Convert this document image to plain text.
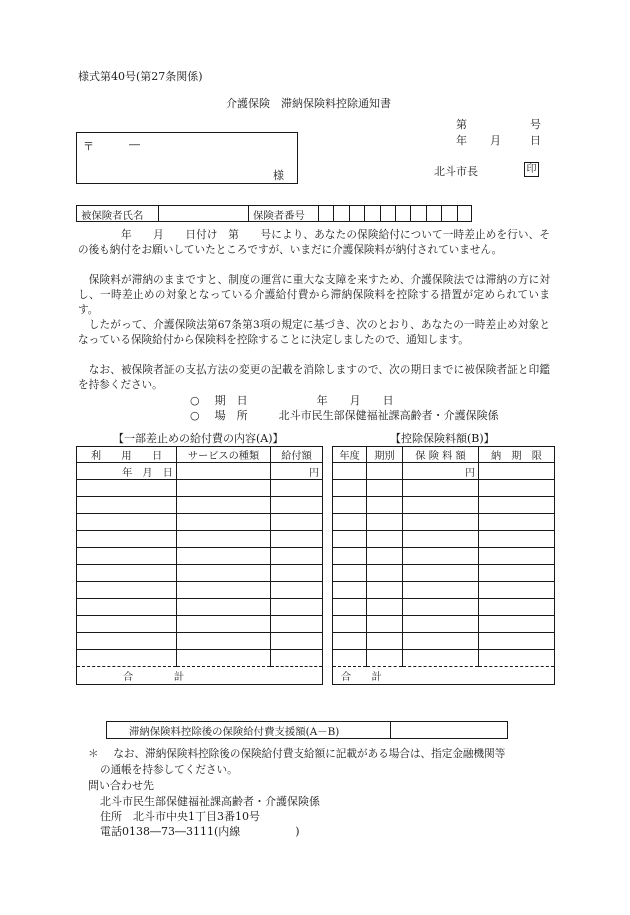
様式第40号(第27条関係)
介護保険　滞納保険料控除通知書
第	号
年 月	日
〒	―
様	北斗市長	印
被保険者氏名	保険者番号
　　　　年　　月　　日付け　第　　号により、あなたの保険給付について一時差止めを行い、その後も納付をお願いしていたところですが、いまだに介護保険料が納付されていません。
　保険料が滞納のままですと、制度の運営に重大な支障を来すため、介護保険法では滞納の方に対し、一時差止めの対象となっている介護給付費から滞納保険料を控除する措置が定められています。
　したがって、介護保険法第67条第3項の規定に基づき、次のとおり、あなたの一時差止め対象となっている保険給付から保険料を控除することに決定しましたので、通知します。
　なお、被保険者証の支払方法の変更の記載を消除しますので、次の期日までに被保険者証と印鑑を持参ください。
○ 期　日	年　　月　　日
○ 場　所	北斗市民生部保健福祉課高齢者・介護保険係
【一部差止めの給付費の内容(A)】	【控除保険料額(B)】
利　　用　　日	サービスの種類	給付額
年　月　日		円

合　　　　計		
年度	期別	保 険 料 額	納　期　限
		円	

合　　計			
滞納保険料控除後の保険給付費支援額(A－B)
＊ なお、滞納保険料控除後の保険給付費支給額に記載がある場合は、指定金融機関等
の通帳を持参してください。
問い合わせ先
北斗市民生部保健福祉課高齢者・介護保険係
住所　北斗市中央1丁目3番10号
電話0138―73―3111(内線　　　　　)
